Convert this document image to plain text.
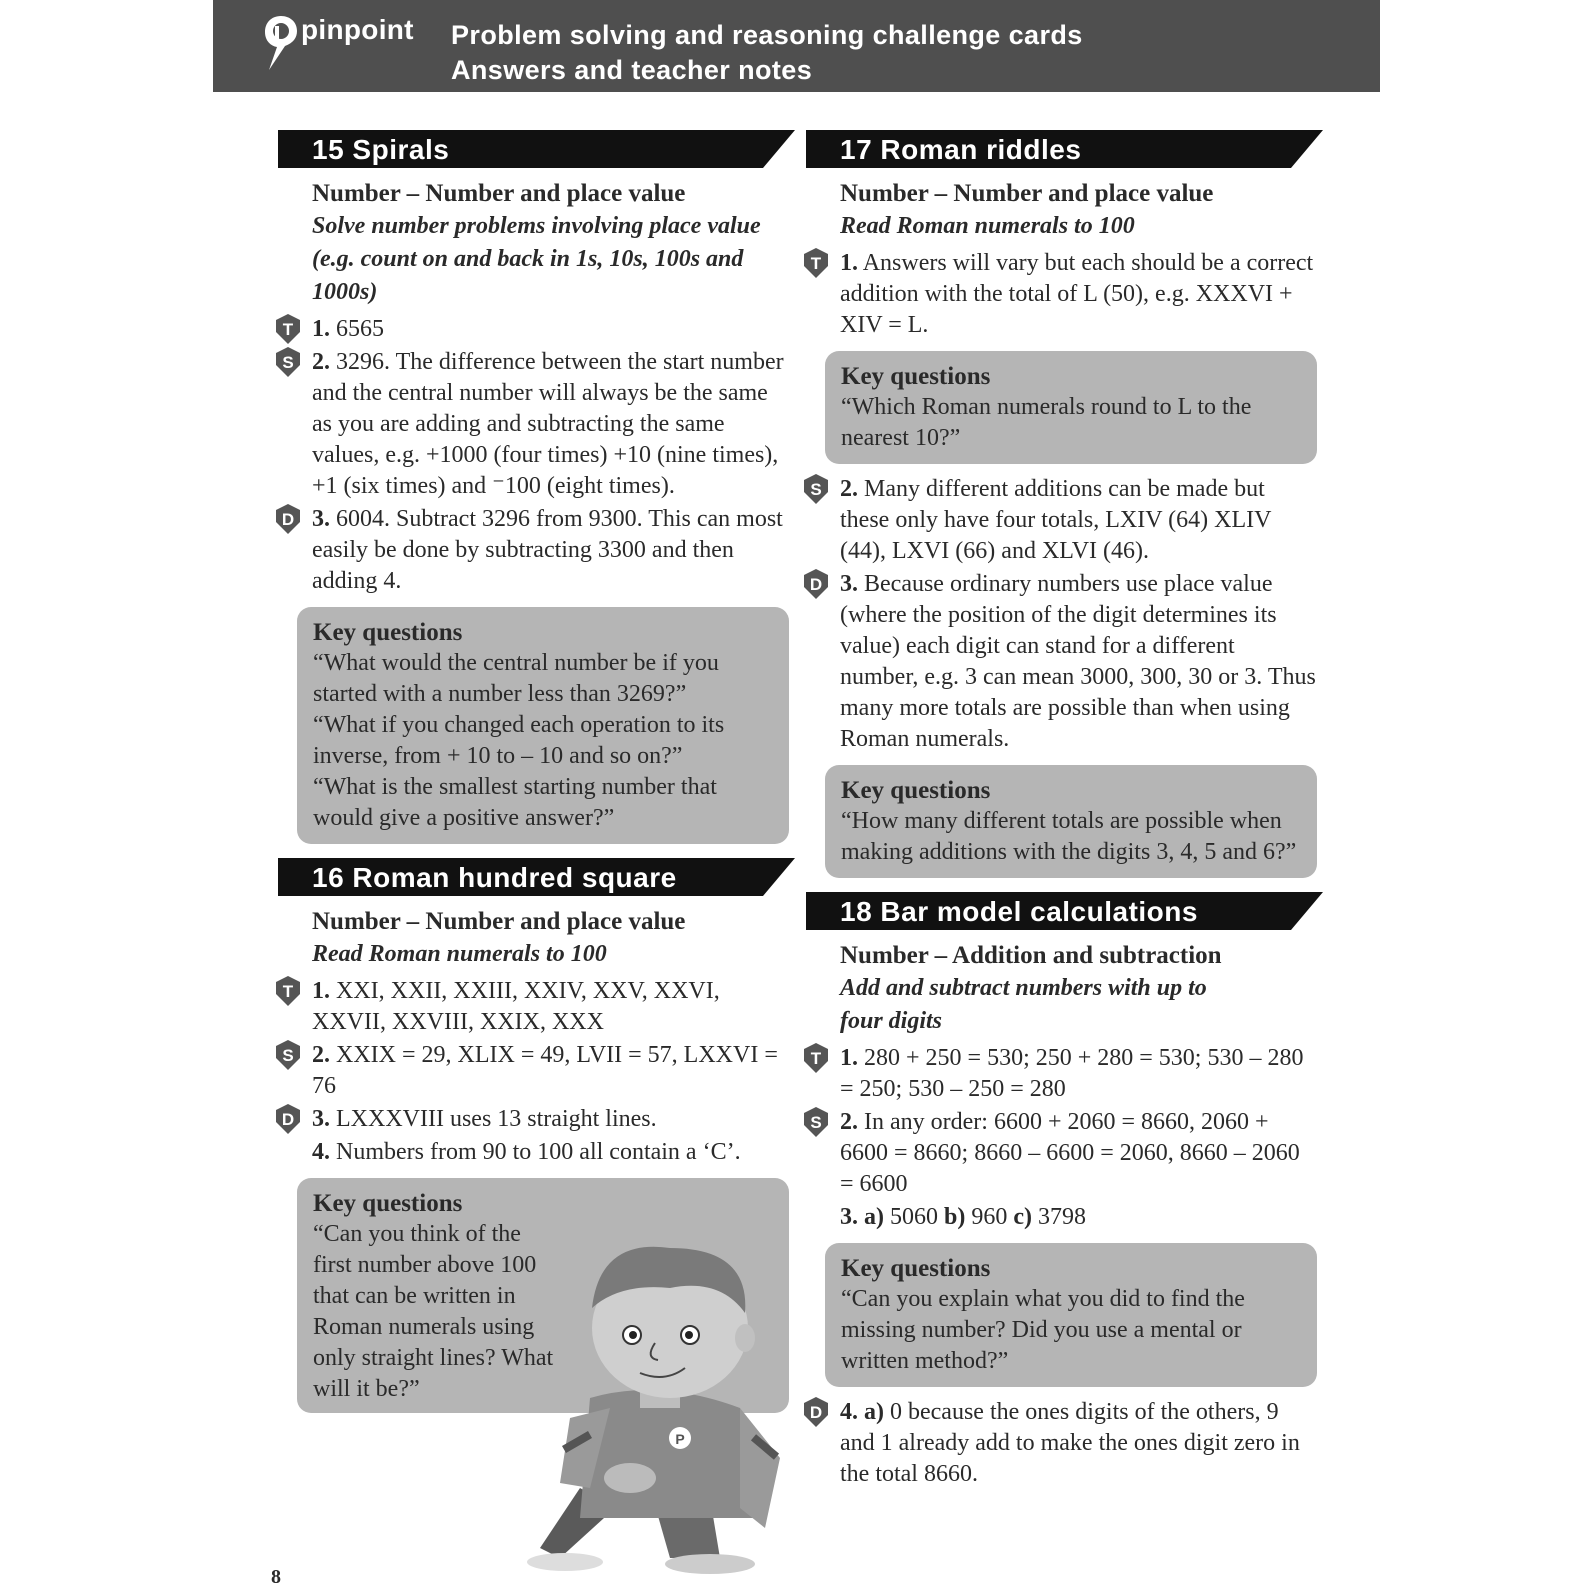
pinpoint Problem solving and reasoning challenge cards
Answers and teacher notes
15 Spirals
Number – Number and place value
Solve number problems involving place value (e.g. count on and back in 1s, 10s, 100s and 1000s)
T 1. 6565
S 2. 3296. The difference between the start number and the central number will always be the same as you are adding and subtracting the same values, e.g. +1000 (four times) +10 (nine times), +1 (six times) and ⁻100 (eight times).
D 3. 6004. Subtract 3296 from 9300. This can most easily be done by subtracting 3300 and then adding 4.
Key questions
“What would the central number be if you started with a number less than 3269?”
“What if you changed each operation to its inverse, from + 10 to – 10 and so on?”
“What is the smallest starting number that would give a positive answer?”
16 Roman hundred square
Number – Number and place value
Read Roman numerals to 100
T 1. XXI, XXII, XXIII, XXIV, XXV, XXVI, XXVII, XXVIII, XXIX, XXX
S 2. XXIX = 29, XLIX = 49, LVII = 57, LXXVI = 76
D 3. LXXXVIII uses 13 straight lines.
4. Numbers from 90 to 100 all contain a ‘C’.
Key questions
“Can you think of the first number above 100 that can be written in Roman numerals using only straight lines? What will it be?”
P
17 Roman riddles
Number – Number and place value
Read Roman numerals to 100
T 1. Answers will vary but each should be a correct addition with the total of L (50), e.g. XXXVI + XIV = L.
Key questions
“Which Roman numerals round to L to the nearest 10?”
S 2. Many different additions can be made but these only have four totals, LXIV (64) XLIV (44), LXVI (66) and XLVI (46).
D 3. Because ordinary numbers use place value (where the position of the digit determines its value) each digit can stand for a different number, e.g. 3 can mean 3000, 300, 30 or 3. Thus many more totals are possible than when using Roman numerals.
Key questions
“How many different totals are possible when making additions with the digits 3, 4, 5 and 6?”
18 Bar model calculations
Number – Addition and subtraction
Add and subtract numbers with up to four digits
T 1. 280 + 250 = 530; 250 + 280 = 530; 530 – 280 = 250; 530 – 250 = 280
S 2. In any order: 6600 + 2060 = 8660, 2060 + 6600 = 8660; 8660 – 6600 = 2060, 8660 – 2060 = 6600
3. a) 5060 b) 960 c) 3798
Key questions
“Can you explain what you did to find the missing number? Did you use a mental or written method?”
D 4. a) 0 because the ones digits of the others, 9 and 1 already add to make the ones digit zero in the total 8660.
8
